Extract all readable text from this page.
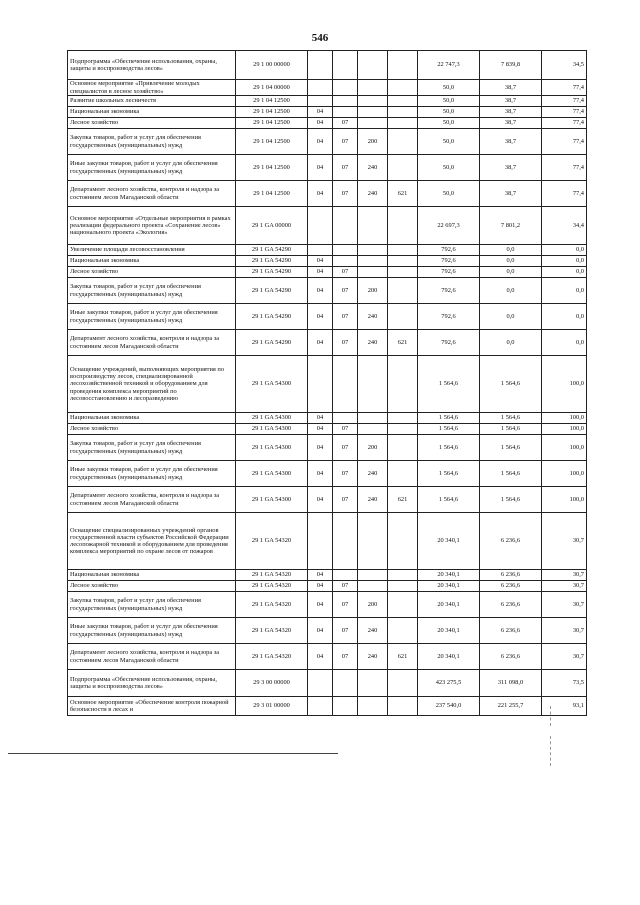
546
Подпрограмма «Обеспечение использования, охраны, защиты и воспроизводства лесов»	29 1 00 00000					22 747,3	7 839,8	34,5
Основное мероприятие «Привлечение молодых специалистов в лесное хозяйство»	29 1 04 00000					50,0	38,7	77,4
Развитие школьных лесничеств	29 1 04 12500					50,0	38,7	77,4
Национальная экономика	29 1 04 12500	04				50,0	38,7	77,4
Лесное хозяйство	29 1 04 12500	04	07			50,0	38,7	77,4
Закупка товаров, работ и услуг для обеспечения государственных (муниципальных) нужд	29 1 04 12500	04	07	200		50,0	38,7	77,4
Иные закупки товаров, работ и услуг для обеспечения государственных (муниципальных) нужд	29 1 04 12500	04	07	240		50,0	38,7	77,4
Департамент лесного хозяйства, контроля и надзора за состоянием лесов Магаданской области	29 1 04 12500	04	07	240	621	50,0	38,7	77,4
Основное мероприятие «Отдельные мероприятия в рамках реализации федерального проекта «Сохранение лесов» национального проекта «Экология»	29 1 GA 00000					22 697,3	7 801,2	34,4
Увеличение площади лесовосстановления	29 1 GA 54290					792,6	0,0	0,0
Национальная экономика	29 1 GA 54290	04				792,6	0,0	0,0
Лесное хозяйство	29 1 GA 54290	04	07			792,6	0,0	0,0
Закупка товаров, работ и услуг для обеспечения государственных (муниципальных) нужд	29 1 GA 54290	04	07	200		792,6	0,0	0,0
Иные закупки товаров, работ и услуг для обеспечения государственных (муниципальных) нужд	29 1 GA 54290	04	07	240		792,6	0,0	0,0
Департамент лесного хозяйства, контроля и надзора за состоянием лесов Магаданской области	29 1 GA 54290	04	07	240	621	792,6	0,0	0,0
Оснащение учреждений, выполняющих мероприятия по воспроизводству лесов, специализированной лесохозяйственной техникой и оборудованием для проведения комплекса мероприятий по лесовосстановлению и лесоразведению	29 1 GA 54300					1 564,6	1 564,6	100,0
Национальная экономика	29 1 GA 54300	04				1 564,6	1 564,6	100,0
Лесное хозяйство	29 1 GA 54300	04	07			1 564,6	1 564,6	100,0
Закупка товаров, работ и услуг для обеспечения государственных (муниципальных) нужд	29 1 GA 54300	04	07	200		1 564,6	1 564,6	100,0
Иные закупки товаров, работ и услуг для обеспечения государственных (муниципальных) нужд	29 1 GA 54300	04	07	240		1 564,6	1 564,6	100,0
Департамент лесного хозяйства, контроля и надзора за состоянием лесов Магаданской области	29 1 GA 54300	04	07	240	621	1 564,6	1 564,6	100,0
Оснащение специализированных учреждений органов государственной власти субъектов Российской Федерации лесопожарной техникой и оборудованием для проведения комплекса мероприятий по охране лесов от пожаров	29 1 GA 54320					20 340,1	6 236,6	30,7
Национальная экономика	29 1 GA 54320	04				20 340,1	6 236,6	30,7
Лесное хозяйство	29 1 GA 54320	04	07			20 340,1	6 236,6	30,7
Закупка товаров, работ и услуг для обеспечения государственных (муниципальных) нужд	29 1 GA 54320	04	07	200		20 340,1	6 236,6	30,7
Иные закупки товаров, работ и услуг для обеспечения государственных (муниципальных) нужд	29 1 GA 54320	04	07	240		20 340,1	6 236,6	30,7
Департамент лесного хозяйства, контроля и надзора за состоянием лесов Магаданской области	29 1 GA 54320	04	07	240	621	20 340,1	6 236,6	30,7
Подпрограмма «Обеспечение использования, охраны, защиты и воспроизводства лесов»	29 3 00 00000					423 275,5	311 098,0	73,5
Основное мероприятие «Обеспечение контроля пожарной безопасности в лесах и	29 3 01 00000					237 540,0	221 255,7	93,1
